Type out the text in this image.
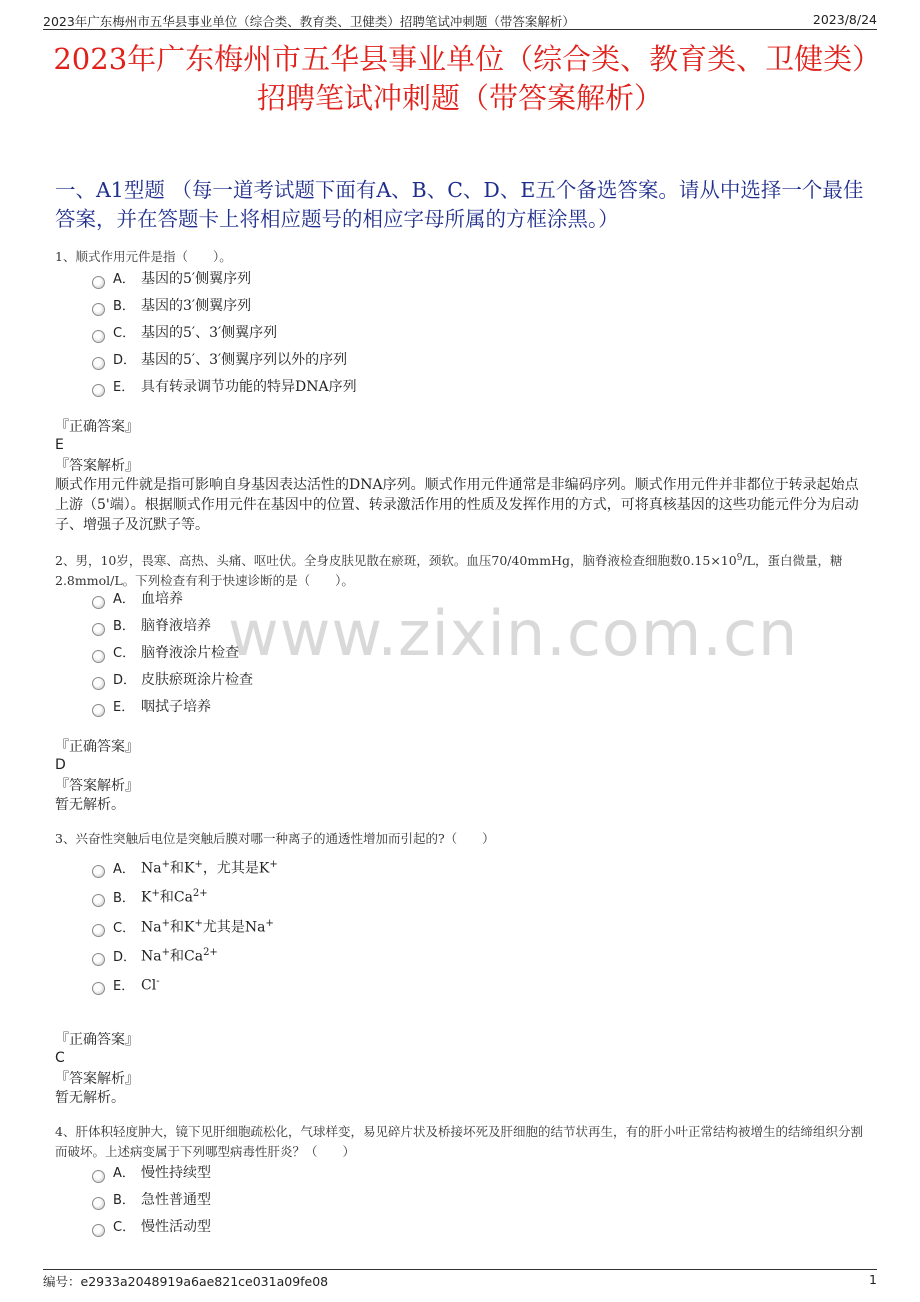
2023年广东梅州市五华县事业单位（综合类、教育类、卫健类）招聘笔试冲刺题（带答案解析）	2023/8/24
2023年广东梅州市五华县事业单位（综合类、教育类、卫健类）招聘笔试冲刺题（带答案解析）
一、A1型题 （每一道考试题下面有A、B、C、D、E五个备选答案。请从中选择一个最佳答案，并在答题卡上将相应题号的相应字母所属的方框涂黑。）
www.zixin.com.cn
1、顺式作用元件是指（　　）。
A． 基因的5′侧翼序列
B． 基因的3′侧翼序列
C． 基因的5′、3′侧翼序列
D． 基因的5′、3′侧翼序列以外的序列
E． 具有转录调节功能的特异DNA序列
『正确答案』
E
『答案解析』
顺式作用元件就是指可影响自身基因表达活性的DNA序列。顺式作用元件通常是非编码序列。顺式作用元件并非都位于转录起始点上游（5'端）。根据顺式作用元件在基因中的位置、转录激活作用的性质及发挥作用的方式，可将真核基因的这些功能元件分为启动子、增强子及沉默子等。
2、男，10岁，畏寒、高热、头痛、呕吐伏。全身皮肤见散在瘀斑，颈软。血压70/40mmHg，脑脊液检查细胞数$0.15\times 10^9/L$，蛋白微量，糖2.8mmol/L。下列检查有利于快速诊断的是（　　）。
A． 血培养
B． 脑脊液培养
C． 脑脊液涂片检查
D． 皮肤瘀斑涂片检查
E． 咽拭子培养
『正确答案』
D
『答案解析』
暂无解析。
3、兴奋性突触后电位是突触后膜对哪一种离子的通透性增加而引起的?（　　）
A． Na+和K+，尤其是K+
B． K+和$Ca^{2+}$
C． Na+和K+尤其是Na+
D． Na+和$Ca^{2+}$
E． Cl-
『正确答案』
C
『答案解析』
暂无解析。
4、肝体积轻度肿大，镜下见肝细胞疏松化，气球样变，易见碎片状及桥接坏死及肝细胞的结节状再生，有的肝小叶正常结构被增生的结缔组织分割而破坏。上述病变属于下列哪型病毒性肝炎？（　　）
A． 慢性持续型
B． 急性普通型
C． 慢性活动型
编号：e2933a2048919a6ae821ce031a09fe08	1
